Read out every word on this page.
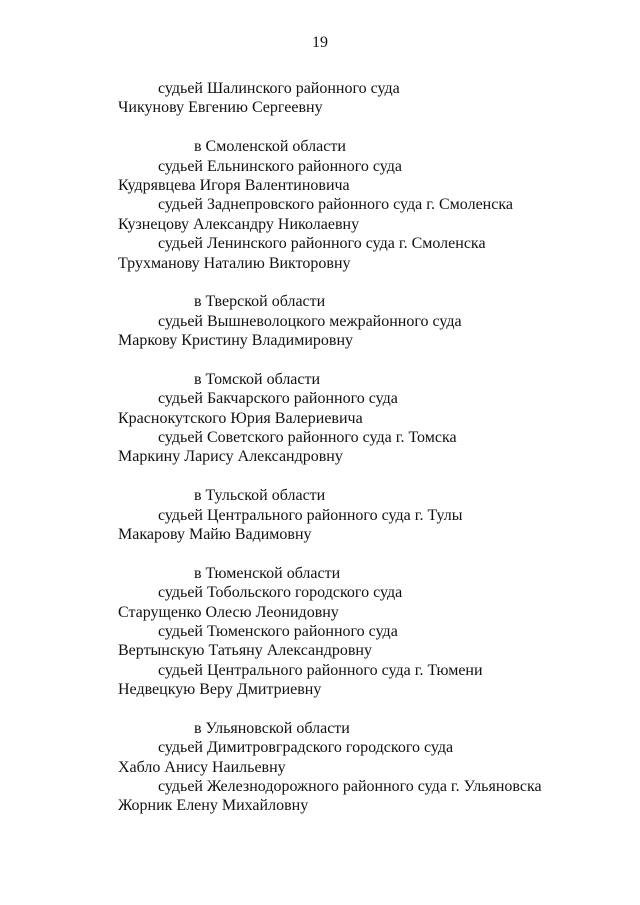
19
судьей Шалинского районного суда
Чикунову Евгению Сергеевну
в Смоленской области
судьей Ельнинского районного суда
Кудрявцева Игоря Валентиновича
судьей Заднепровского районного суда г. Смоленска
Кузнецову Александру Николаевну
судьей Ленинского районного суда г. Смоленска
Трухманову Наталию Викторовну
в Тверской области
судьей Вышневолоцкого межрайонного суда
Маркову Кристину Владимировну
в Томской области
судьей Бакчарского районного суда
Краснокутского Юрия Валериевича
судьей Советского районного суда г. Томска
Маркину Ларису Александровну
в Тульской области
судьей Центрального районного суда г. Тулы
Макарову Майю Вадимовну
в Тюменской области
судьей Тобольского городского суда
Старущенко Олесю Леонидовну
судьей Тюменского районного суда
Вертынскую Татьяну Александровну
судьей Центрального районного суда г. Тюмени
Недвецкую Веру Дмитриевну
в Ульяновской области
судьей Димитровградского городского суда
Хабло Анису Наильевну
судьей Железнодорожного районного суда г. Ульяновска
Жорник Елену Михайловну
